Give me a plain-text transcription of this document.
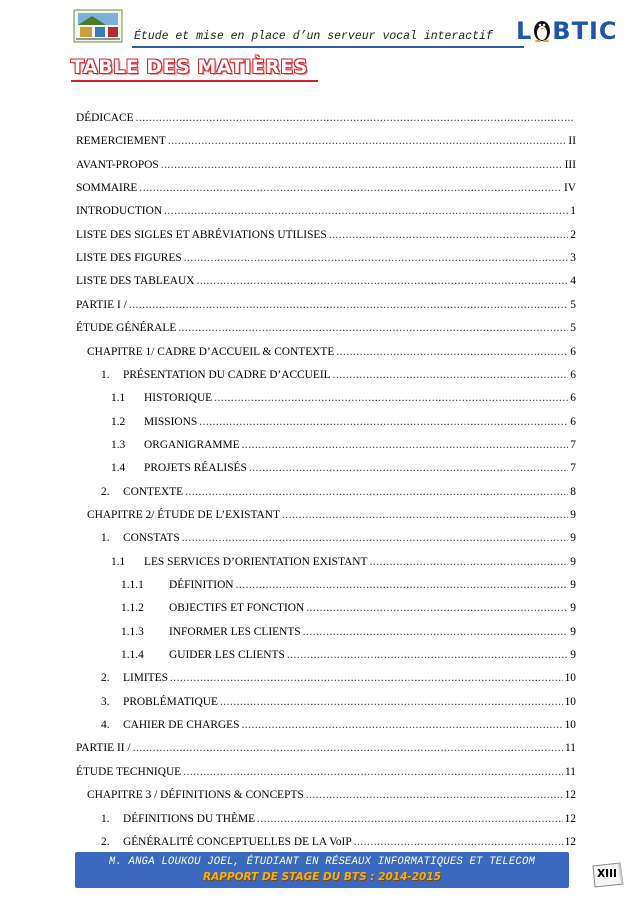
Étude et mise en place d’un serveur vocal interactif L BTIC
TABLE DES MATIÈRES
DÉDICACE
.....
REMERCIEMENT .....	II
AVANT-PROPOS .....	III
SOMMAIRE .....	IV
INTRODUCTION .....	1
LISTE DES SIGLES ET ABRÉVIATIONS UTILISES .....	2
LISTE DES FIGURES .....	3
LISTE DES TABLEAUX .....	4
PARTIE I / .....	5
ÉTUDE GÉNÉRALE .....	5
CHAPITRE 1/ CADRE D’ACCUEIL & CONTEXTE .....	6
1.	PRÉSENTATION DU CADRE D’ACCUEIL .....	6
1.1	HISTORIQUE .....	6
1.2	MISSIONS .....	6
1.3	ORGANIGRAMME .....	7
1.4	PROJETS RÉALISÉS .....	7
2.	CONTEXTE .....	8
CHAPITRE 2/ ÉTUDE DE L’EXISTANT .....	9
1.	CONSTATS .....	9
1.1	LES SERVICES D’ORIENTATION EXISTANT .....	9
1.1.1	DÉFINITION .....	9
1.1.2	OBJECTIFS ET FONCTION .....	9
1.1.3	INFORMER LES CLIENTS .....	9
1.1.4	GUIDER LES CLIENTS .....	9
2.	LIMITES .....	10
3.	PROBLÉMATIQUE .....	10
4.	CAHIER DE CHARGES .....	10
PARTIE II / .....	11
ÉTUDE TECHNIQUE .....	11
CHAPITRE 3 / DÉFINITIONS & CONCEPTS .....	12
1.	DÉFINITIONS DU THÈME .....	12
2.	GÉNÉRALITÉ CONCEPTUELLES DE LA VoIP .....	12
M. ANGA LOUKOU JOEL, ÉTUDIANT EN RÉSEAUX INFORMATIQUES ET TELECOM
RAPPORT DE STAGE DU BTS : 2014-2015	XIII
